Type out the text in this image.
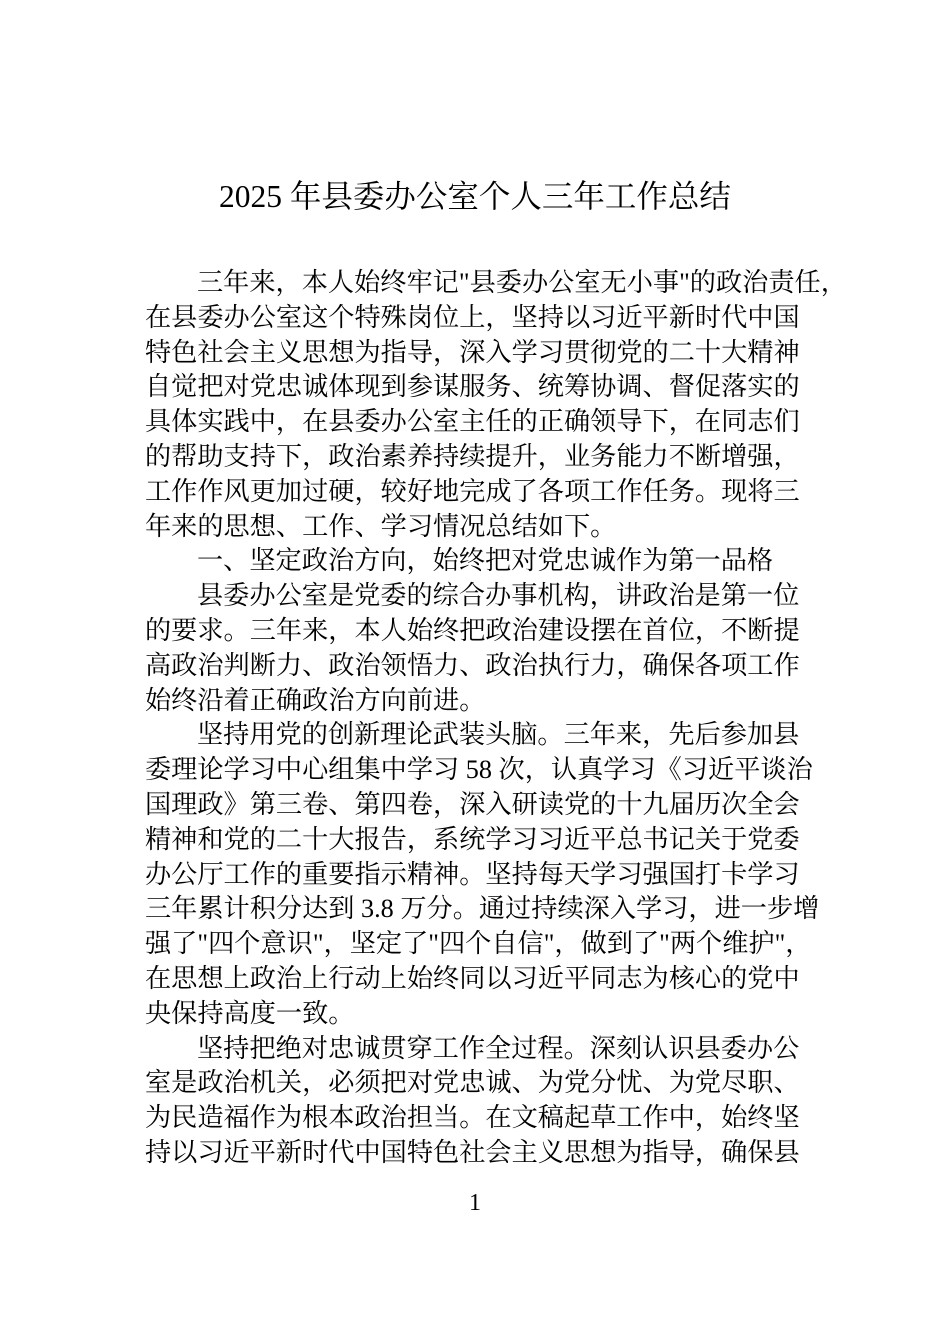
2025 年县委办公室个人三年工作总结
三年来，本人始终牢记"县委办公室无小事"的政治责任，
在县委办公室这个特殊岗位上，坚持以习近平新时代中国
特色社会主义思想为指导，深入学习贯彻党的二十大精神
自觉把对党忠诚体现到参谋服务、统筹协调、督促落实的
具体实践中，在县委办公室主任的正确领导下，在同志们
的帮助支持下，政治素养持续提升，业务能力不断增强，
工作作风更加过硬，较好地完成了各项工作任务。现将三
年来的思想、工作、学习情况总结如下。
一、坚定政治方向，始终把对党忠诚作为第一品格
县委办公室是党委的综合办事机构，讲政治是第一位
的要求。三年来，本人始终把政治建设摆在首位，不断提
高政治判断力、政治领悟力、政治执行力，确保各项工作
始终沿着正确政治方向前进。
坚持用党的创新理论武装头脑。三年来，先后参加县
委理论学习中心组集中学习 58 次，认真学习《习近平谈治
国理政》第三卷、第四卷，深入研读党的十九届历次全会
精神和党的二十大报告，系统学习习近平总书记关于党委
办公厅工作的重要指示精神。坚持每天学习强国打卡学习
三年累计积分达到 3.8 万分。通过持续深入学习，进一步增
强了"四个意识"，坚定了"四个自信"，做到了"两个维护"，
在思想上政治上行动上始终同以习近平同志为核心的党中
央保持高度一致。
坚持把绝对忠诚贯穿工作全过程。深刻认识县委办公
室是政治机关，必须把对党忠诚、为党分忧、为党尽职、
为民造福作为根本政治担当。在文稿起草工作中，始终坚
持以习近平新时代中国特色社会主义思想为指导，确保县
1
